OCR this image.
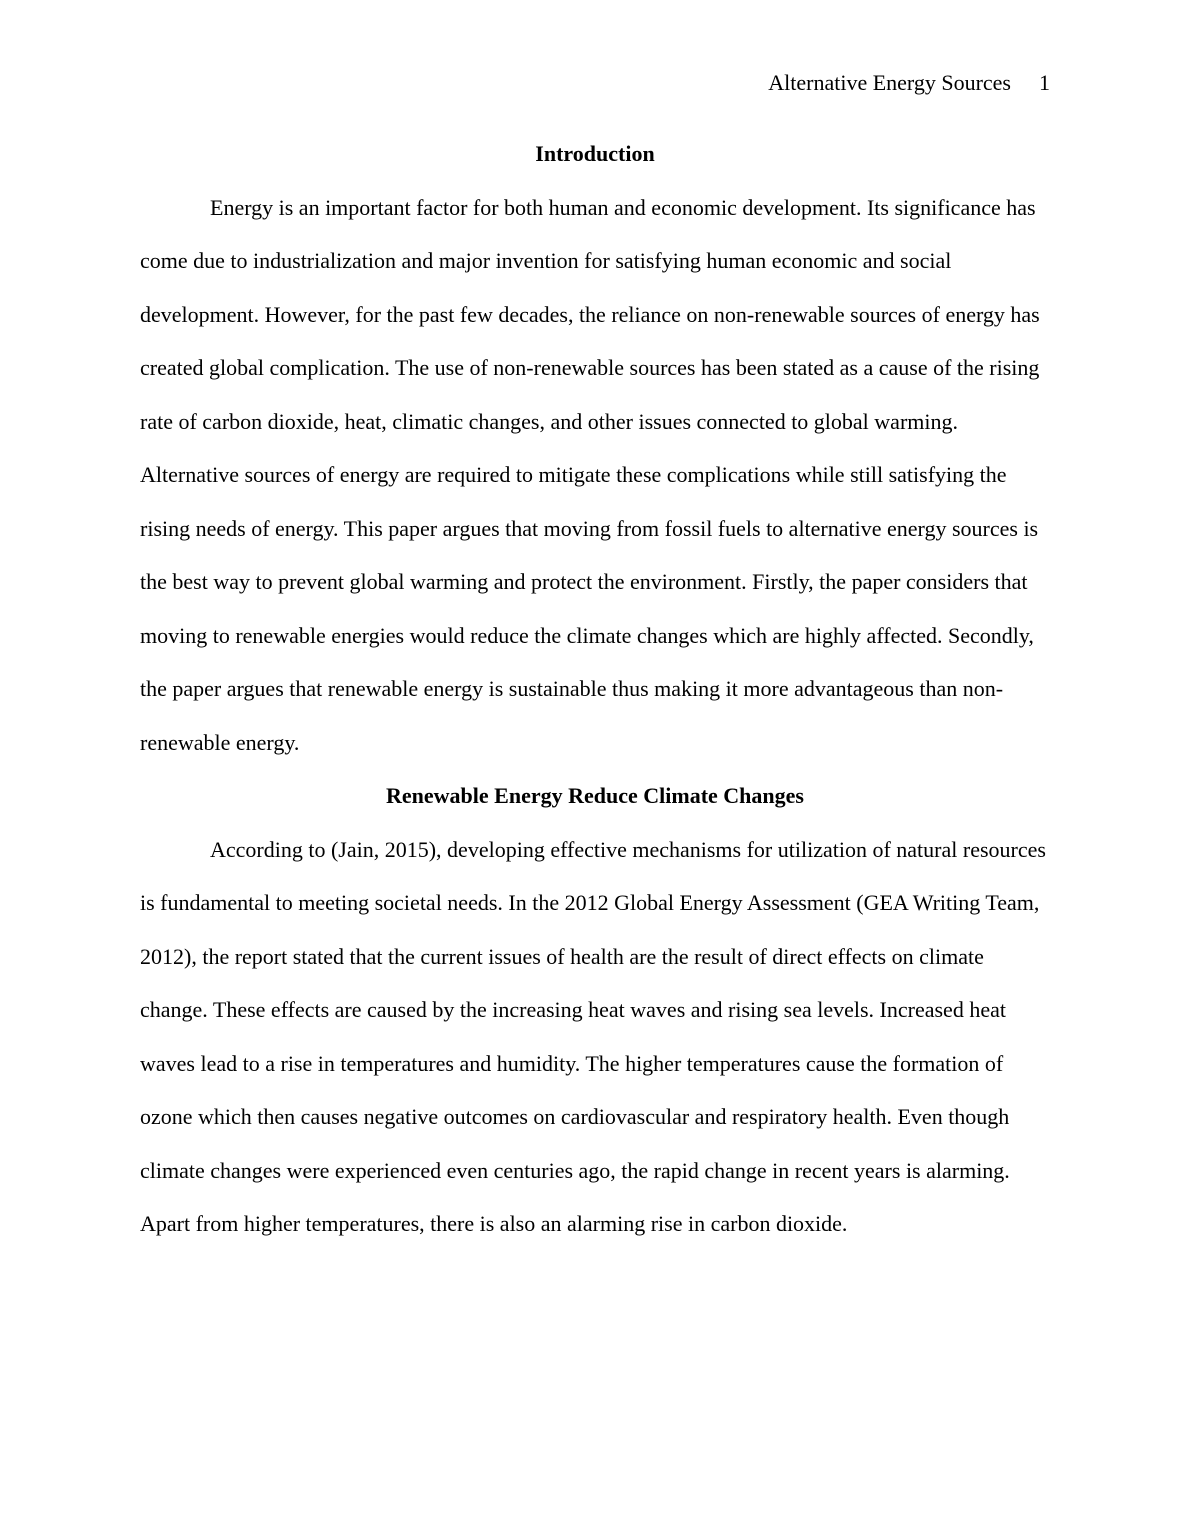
Alternative Energy Sources 1
Introduction

Energy is an important factor for both human and economic development. Its significance has come due to industrialization and major invention for satisfying human economic and social development. However, for the past few decades, the reliance on non-renewable sources of energy has created global complication. The use of non-renewable sources has been stated as a cause of the rising rate of carbon dioxide, heat, climatic changes, and other issues connected to global warming. Alternative sources of energy are required to mitigate these complications while still satisfying the rising needs of energy. This paper argues that moving from fossil fuels to alternative energy sources is the best way to prevent global warming and protect the environment. Firstly, the paper considers that moving to renewable energies would reduce the climate changes which are highly affected. Secondly, the paper argues that renewable energy is sustainable thus making it more advantageous than non-renewable energy.

Renewable Energy Reduce Climate Changes

According to (Jain, 2015), developing effective mechanisms for utilization of natural resources is fundamental to meeting societal needs. In the 2012 Global Energy Assessment (GEA Writing Team, 2012), the report stated that the current issues of health are the result of direct effects on climate change. These effects are caused by the increasing heat waves and rising sea levels. Increased heat waves lead to a rise in temperatures and humidity. The higher temperatures cause the formation of ozone which then causes negative outcomes on cardiovascular and respiratory health. Even though climate changes were experienced even centuries ago, the rapid change in recent years is alarming. Apart from higher temperatures, there is also an alarming rise in carbon dioxide.
